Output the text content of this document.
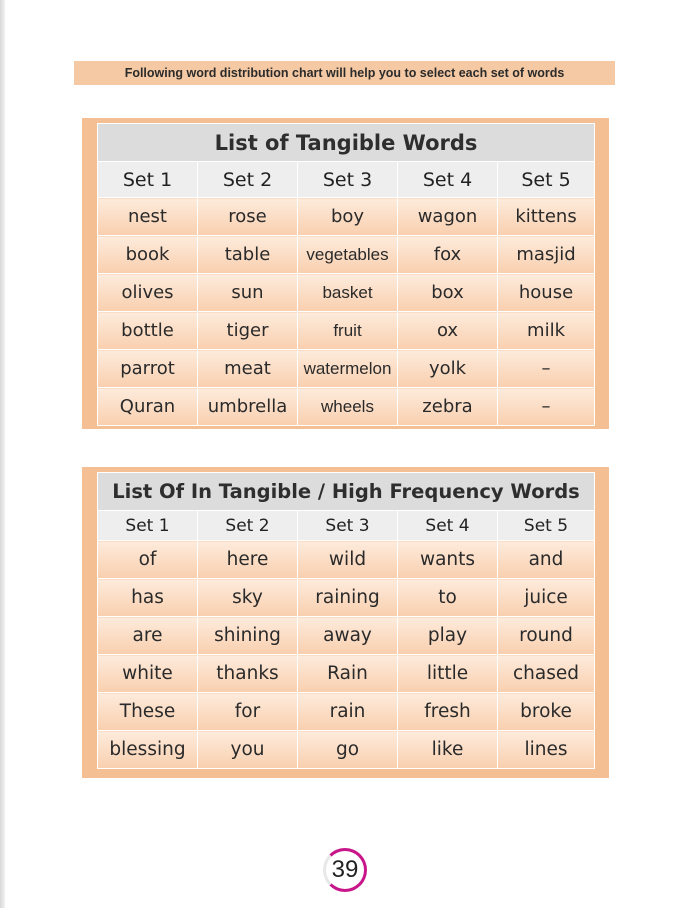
Following word distribution chart will help you to select each set of words
List of Tangible Words				
Set 1	Set 2	Set 3	Set 4	Set 5
nest	rose	boy	wagon	kittens
book	table	vegetables	fox	masjid
olives	sun	basket	box	house
bottle	tiger	fruit	ox	milk
parrot	meat	watermelon	yolk	–
Quran	umbrella	wheels	zebra	–
List Of In Tangible / High Frequency Words				
Set 1	Set 2	Set 3	Set 4	Set 5
of	here	wild	wants	and
has	sky	raining	to	juice
are	shining	away	play	round
white	thanks	Rain	little	chased
These	for	rain	fresh	broke
blessing	you	go	like	lines
39
